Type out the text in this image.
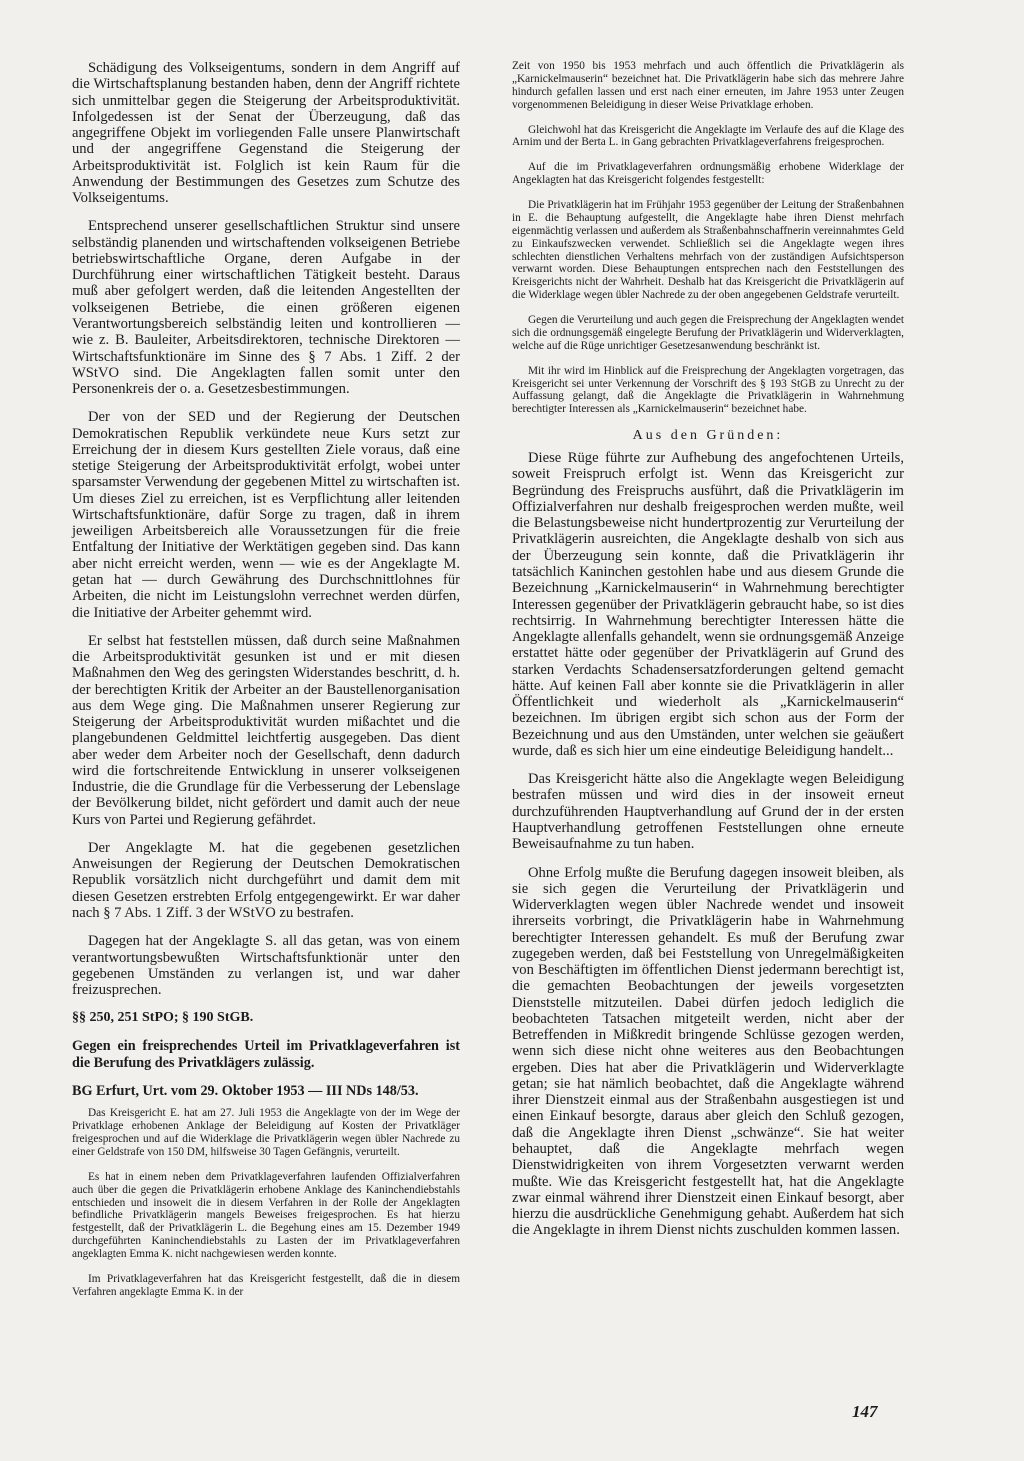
Schädigung des Volkseigentums, sondern in dem Angriff auf die Wirtschaftsplanung bestanden haben, denn der Angriff richtete sich unmittelbar gegen die Steigerung der Arbeitsproduktivität. Infolgedessen ist der Senat der Überzeugung, daß das angegriffene Objekt im vorliegenden Falle unsere Planwirtschaft und der angegriffene Gegenstand die Steigerung der Arbeitsproduktivität ist. Folglich ist kein Raum für die Anwendung der Bestimmungen des Gesetzes zum Schutze des Volkseigentums.

Entsprechend unserer gesellschaftlichen Struktur sind unsere selbständig planenden und wirtschaftenden volkseigenen Betriebe betriebswirtschaftliche Organe, deren Aufgabe in der Durchführung einer wirtschaftlichen Tätigkeit besteht. Daraus muß aber gefolgert werden, daß die leitenden Angestellten der volkseigenen Betriebe, die einen größeren eigenen Verantwortungsbereich selbständig leiten und kontrollieren — wie z. B. Bauleiter, Arbeitsdirektoren, technische Direktoren — Wirtschaftsfunktionäre im Sinne des § 7 Abs. 1 Ziff. 2 der WStVO sind. Die Angeklagten fallen somit unter den Personenkreis der o. a. Gesetzesbestimmungen.

Der von der SED und der Regierung der Deutschen Demokratischen Republik verkündete neue Kurs setzt zur Erreichung der in diesem Kurs gestellten Ziele voraus, daß eine stetige Steigerung der Arbeitsproduktivität erfolgt, wobei unter sparsamster Verwendung der gegebenen Mittel zu wirtschaften ist. Um dieses Ziel zu erreichen, ist es Verpflichtung aller leitenden Wirtschaftsfunktionäre, dafür Sorge zu tragen, daß in ihrem jeweiligen Arbeitsbereich alle Voraussetzungen für die freie Entfaltung der Initiative der Werktätigen gegeben sind. Das kann aber nicht erreicht werden, wenn — wie es der Angeklagte M. getan hat — durch Gewährung des Durchschnittlohnes für Arbeiten, die nicht im Leistungslohn verrechnet werden dürfen, die Initiative der Arbeiter gehemmt wird.

Er selbst hat feststellen müssen, daß durch seine Maßnahmen die Arbeitsproduktivität gesunken ist und er mit diesen Maßnahmen den Weg des geringsten Widerstandes beschritt, d. h. der berechtigten Kritik der Arbeiter an der Baustellenorganisation aus dem Wege ging. Die Maßnahmen unserer Regierung zur Steigerung der Arbeitsproduktivität wurden mißachtet und die plangebundenen Geldmittel leichtfertig ausgegeben. Das dient aber weder dem Arbeiter noch der Gesellschaft, denn dadurch wird die fortschreitende Entwicklung in unserer volkseigenen Industrie, die die Grundlage für die Verbesserung der Lebenslage der Bevölkerung bildet, nicht gefördert und damit auch der neue Kurs von Partei und Regierung gefährdet.

Der Angeklagte M. hat die gegebenen gesetzlichen Anweisungen der Regierung der Deutschen Demokratischen Republik vorsätzlich nicht durchgeführt und damit dem mit diesen Gesetzen erstrebten Erfolg entgegengewirkt. Er war daher nach § 7 Abs. 1 Ziff. 3 der WStVO zu bestrafen.

Dagegen hat der Angeklagte S. all das getan, was von einem verantwortungsbewußten Wirtschaftsfunktionär unter den gegebenen Umständen zu verlangen ist, und war daher freizusprechen.

§§ 250, 251 StPO; § 190 StGB.
Gegen ein freisprechendes Urteil im Privatklageverfahren ist die Berufung des Privatklägers zulässig.
BG Erfurt, Urt. vom 29. Oktober 1953 — III NDs 148/53.

Das Kreisgericht E. hat am 27. Juli 1953 die Angeklagte von der im Wege der Privatklage erhobenen Anklage der Beleidigung auf Kosten der Privatkläger freigesprochen und auf die Widerklage die Privatklägerin wegen übler Nachrede zu einer Geldstrafe von 150 DM, hilfsweise 30 Tagen Gefängnis, verurteilt.

Es hat in einem neben dem Privatklageverfahren laufenden Offizialverfahren auch über die gegen die Privatklägerin erhobene Anklage des Kaninchendiebstahls entschieden und insoweit die in diesem Verfahren in der Rolle der Angeklagten befindliche Privatklägerin mangels Beweises freigesprochen. Es hat hierzu festgestellt, daß der Privatklägerin L. die Begehung eines am 15. Dezember 1949 durchgeführten Kaninchendiebstahls zu Lasten der im Privatklageverfahren angeklagten Emma K. nicht nachgewiesen werden konnte.

Im Privatklageverfahren hat das Kreisgericht festgestellt, daß die in diesem Verfahren angeklagte Emma K. in der

Zeit von 1950 bis 1953 mehrfach und auch öffentlich die Privatklägerin als „Karnickelmauserin“ bezeichnet hat. Die Privatklägerin habe sich das mehrere Jahre hindurch gefallen lassen und erst nach einer erneuten, im Jahre 1953 unter Zeugen vorgenommenen Beleidigung in dieser Weise Privatklage erhoben.

Gleichwohl hat das Kreisgericht die Angeklagte im Verlaufe des auf die Klage des Arnim und der Berta L. in Gang gebrachten Privatklageverfahrens freigesprochen.

Auf die im Privatklageverfahren ordnungsmäßig erhobene Widerklage der Angeklagten hat das Kreisgericht folgendes festgestellt:

Die Privatklägerin hat im Frühjahr 1953 gegenüber der Leitung der Straßenbahnen in E. die Behauptung aufgestellt, die Angeklagte habe ihren Dienst mehrfach eigenmächtig verlassen und außerdem als Straßenbahnschaffnerin vereinnahmtes Geld zu Einkaufszwecken verwendet. Schließlich sei die Angeklagte wegen ihres schlechten dienstlichen Verhaltens mehrfach von der zuständigen Aufsichtsperson verwarnt worden. Diese Behauptungen entsprechen nach den Feststellungen des Kreisgerichts nicht der Wahrheit. Deshalb hat das Kreisgericht die Privatklägerin auf die Widerklage wegen übler Nachrede zu der oben angegebenen Geldstrafe verurteilt.

Gegen die Verurteilung und auch gegen die Freisprechung der Angeklagten wendet sich die ordnungsgemäß eingelegte Berufung der Privatklägerin und Widerverklagten, welche auf die Rüge unrichtiger Gesetzesanwendung beschränkt ist.

Mit ihr wird im Hinblick auf die Freisprechung der Angeklagten vorgetragen, das Kreisgericht sei unter Verkennung der Vorschrift des § 193 StGB zu Unrecht zu der Auffassung gelangt, daß die Angeklagte die Privatklägerin in Wahrnehmung berechtigter Interessen als „Karnickelmauserin“ bezeichnet habe.

Aus den Gründen:

Diese Rüge führte zur Aufhebung des angefochtenen Urteils, soweit Freispruch erfolgt ist. Wenn das Kreisgericht zur Begründung des Freispruchs ausführt, daß die Privatklägerin im Offizialverfahren nur deshalb freigesprochen werden mußte, weil die Belastungsbeweise nicht hundertprozentig zur Verurteilung der Privatklägerin ausreichten, die Angeklagte deshalb von sich aus der Überzeugung sein konnte, daß die Privatklägerin ihr tatsächlich Kaninchen gestohlen habe und aus diesem Grunde die Bezeichnung „Karnickelmauserin“ in Wahrnehmung berechtigter Interessen gegenüber der Privatklägerin gebraucht habe, so ist dies rechtsirrig. In Wahrnehmung berechtigter Interessen hätte die Angeklagte allenfalls gehandelt, wenn sie ordnungsgemäß Anzeige erstattet hätte oder gegenüber der Privatklägerin auf Grund des starken Verdachts Schadensersatzforderungen geltend gemacht hätte. Auf keinen Fall aber konnte sie die Privatklägerin in aller Öffentlichkeit und wiederholt als „Karnickelmauserin“ bezeichnen. Im übrigen ergibt sich schon aus der Form der Bezeichnung und aus den Umständen, unter welchen sie geäußert wurde, daß es sich hier um eine eindeutige Beleidigung handelt...

Das Kreisgericht hätte also die Angeklagte wegen Beleidigung bestrafen müssen und wird dies in der insoweit erneut durchzuführenden Hauptverhandlung auf Grund der in der ersten Hauptverhandlung getroffenen Feststellungen ohne erneute Beweisaufnahme zu tun haben.

Ohne Erfolg mußte die Berufung dagegen insoweit bleiben, als sie sich gegen die Verurteilung der Privatklägerin und Widerverklagten wegen übler Nachrede wendet und insoweit ihrerseits vorbringt, die Privatklägerin habe in Wahrnehmung berechtigter Interessen gehandelt. Es muß der Berufung zwar zugegeben werden, daß bei Feststellung von Unregelmäßigkeiten von Beschäftigten im öffentlichen Dienst jedermann berechtigt ist, die gemachten Beobachtungen der jeweils vorgesetzten Dienststelle mitzuteilen. Dabei dürfen jedoch lediglich die beobachteten Tatsachen mitgeteilt werden, nicht aber der Betreffenden in Mißkredit bringende Schlüsse gezogen werden, wenn sich diese nicht ohne weiteres aus den Beobachtungen ergeben. Dies hat aber die Privatklägerin und Widerverklagte getan; sie hat nämlich beobachtet, daß die Angeklagte während ihrer Dienstzeit einmal aus der Straßenbahn ausgestiegen ist und einen Einkauf besorgte, daraus aber gleich den Schluß gezogen, daß die Angeklagte ihren Dienst „schwänze“. Sie hat weiter behauptet, daß die Angeklagte mehrfach wegen Dienstwidrigkeiten von ihrem Vorgesetzten verwarnt werden mußte. Wie das Kreisgericht festgestellt hat, hat die Angeklagte zwar einmal während ihrer Dienstzeit einen Einkauf besorgt, aber hierzu die ausdrückliche Genehmigung gehabt. Außerdem hat sich die Angeklagte in ihrem Dienst nichts zuschulden kommen lassen.

147
